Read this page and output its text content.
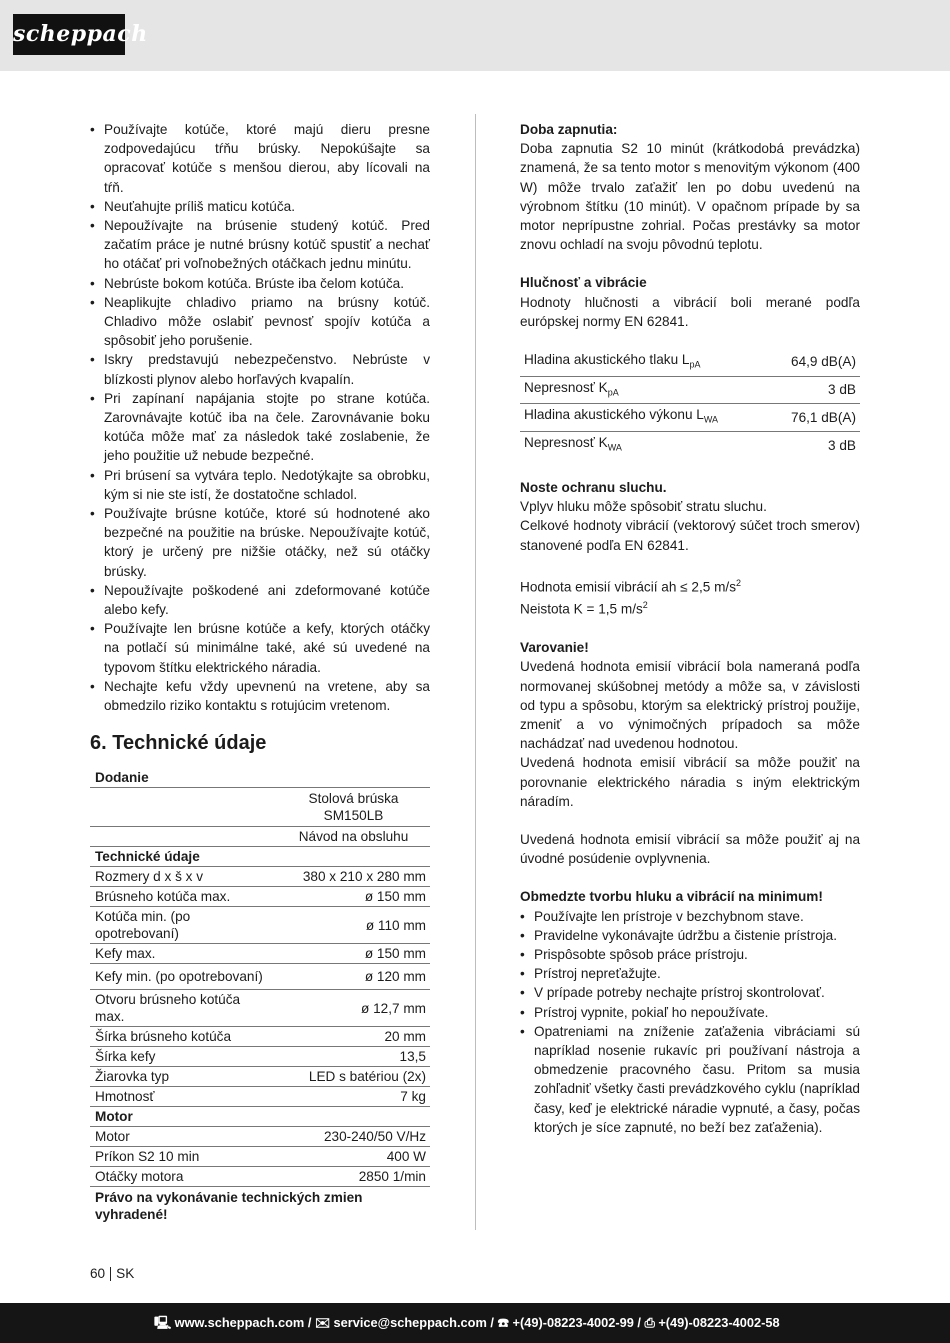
scheppach
• Používajte kotúče, ktoré majú dieru presne zodpovedajúcu tŕňu brúsky. Nepokúšajte sa opracovať kotúče s menšou dierou, aby lícovali na tŕň.
• Neuťahujte príliš maticu kotúča.
• Nepoužívajte na brúsenie studený kotúč. Pred začatím práce je nutné brúsny kotúč spustiť a nechať ho otáčať pri voľnobežných otáčkach jednu minútu.
• Nebrúste bokom kotúča. Brúste iba čelom kotúča.
• Neaplikujte chladivo priamo na brúsny kotúč. Chladivo môže oslabiť pevnosť spojív kotúča a spôsobiť jeho porušenie.
• Iskry predstavujú nebezpečenstvo. Nebrúste v blízkosti plynov alebo horľavých kvapalín.
• Pri zapínaní napájania stojte po strane kotúča. Zarovnávajte kotúč iba na čele. Zarovnávanie boku kotúča môže mať za následok také zoslabenie, že jeho použitie už nebude bezpečné.
• Pri brúsení sa vytvára teplo. Nedotýkajte sa obrobku, kým si nie ste istí, že dostatočne schladol.
• Používajte brúsne kotúče, ktoré sú hodnotené ako bezpečné na použitie na brúske. Nepoužívajte kotúč, ktorý je určený pre nižšie otáčky, než sú otáčky brúsky.
• Nepoužívajte poškodené ani zdeformované kotúče alebo kefy.
• Používajte len brúsne kotúče a kefy, ktorých otáčky na potlačí sú minimálne také, aké sú uvedené na typovom štítku elektrického náradia.
• Nechajte kefu vždy upevnenú na vretene, aby sa obmedzilo riziko kontaktu s rotujúcim vretenom.
6. Technické údaje
Dodanie	
	Stolová brúska SM150LB
	Návod na obsluhu
Technické údaje	
Rozmery d x š x v	380 x 210 x 280 mm
Brúsneho kotúča max.	ø 150 mm
Kotúča min. (po opotrebovaní)	ø 110 mm
Kefy max.	ø 150 mm
Kefy min. (po opotrebovaní)	ø 120 mm
Otvoru brúsneho kotúča max.	ø 12,7 mm
Šírka brúsneho kotúča	20 mm
Šírka kefy	13,5
Žiarovka typ	LED s batériou (2x)
Hmotnosť	7 kg
Motor	
Motor	230-240/50 V/Hz
Príkon S2 10 min	400 W
Otáčky motora	2850 1/min
Právo na vykonávanie technických zmien vyhradené!	

Doba zapnutia:

Doba zapnutia S2 10 minút (krátkodobá prevádzka) znamená, že sa tento motor s menovitým výkonom (400 W) môže trvalo zaťažiť len po dobu uvedenú na výrobnom štítku (10 minút). V opačnom prípade by sa motor neprípustne zohrial. Počas prestávky sa motor znovu ochladí na svoju pôvodnú teplotu.

Hlučnosť a vibrácie

Hodnoty hlučnosti a vibrácií boli merané podľa európskej normy EN 62841.

Hladina akustického tlaku $L_{pA}$	64,9 dB(A)
Nepresnosť $K_{pA}$	3 dB
Hladina akustického výkonu $L_{WA}$	76,1 dB(A)
Nepresnosť $K_{WA}$	3 dB

Noste ochranu sluchu.

Vplyv hluku môže spôsobiť stratu sluchu.

Celkové hodnoty vibrácií (vektorový súčet troch smerov) stanovené podľa EN 62841.

Hodnota emisií vibrácií ah ≤ 2,5 $m/s^2$

Neistota K = 1,5 $m/s^2$

Varovanie!

Uvedená hodnota emisií vibrácií bola nameraná podľa normovanej skúšobnej metódy a môže sa, v závislosti od typu a spôsobu, ktorým sa elektrický prístroj použije, zmeniť a vo výnimočných prípadoch sa môže nachádzať nad uvedenou hodnotou.

Uvedená hodnota emisií vibrácií sa môže použiť na porovnanie elektrického náradia s iným elektrickým náradím.

Uvedená hodnota emisií vibrácií sa môže použiť aj na úvodné posúdenie ovplyvnenia.

Obmedzte tvorbu hluku a vibrácií na minimum!

• Používajte len prístroje v bezchybnom stave.
• Pravidelne vykonávajte údržbu a čistenie prístroja.
• Prispôsobte spôsob práce prístroju.
• Prístroj nepreťažujte.
• V prípade potreby nechajte prístroj skontrolovať.
• Prístroj vypnite, pokiaľ ho nepoužívate.
• Opatreniami na zníženie zaťaženia vibráciami sú napríklad nosenie rukavíc pri používaní nástroja a obmedzenie pracovného času. Pritom sa musia zohľadniť všetky časti prevádzkového cyklu (napríklad časy, keď je elektrické náradie vypnuté, a časy, počas ktorých je síce zapnuté, no beží bez zaťaženia).
60 SK
🖳 www.scheppach.com / ✉ service@scheppach.com / ☎ +(49)-08223-4002-99 / ⎙ +(49)-08223-4002-58
